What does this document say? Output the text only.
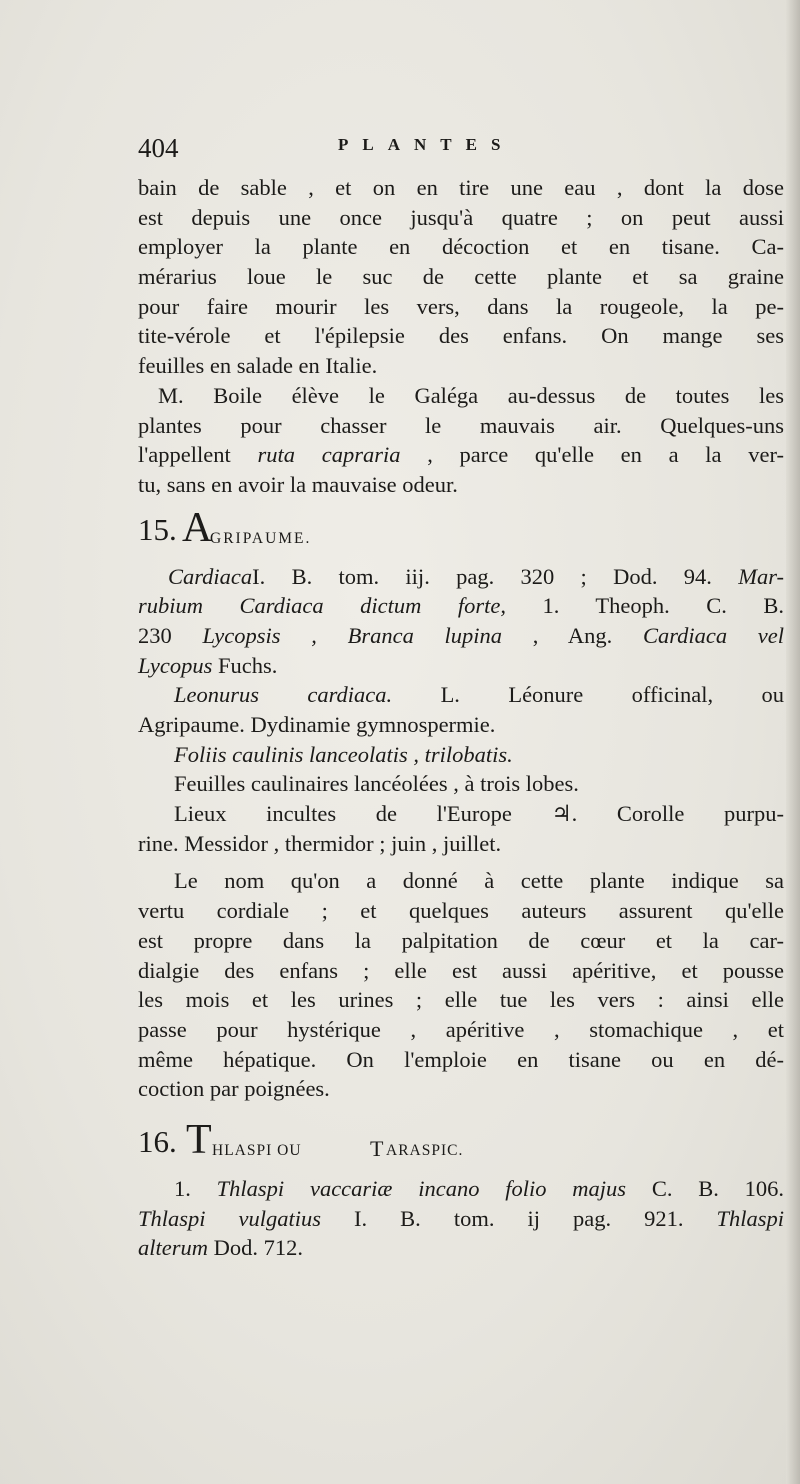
404	PLANTES
bain de sable , et on en tire une eau , dont la dose
est depuis une once jusqu'à quatre ; on peut aussi
employer la plante en décoction et en tisane. Ca-
mérarius loue le suc de cette plante et sa graine
pour faire mourir les vers, dans la rougeole, la pe-
tite-vérole et l'épilepsie des enfans. On mange ses
feuilles en salade en Italie.
M. Boile élève le Galéga au-dessus de toutes les
plantes pour chasser le mauvais air. Quelques-uns
l'appellent ruta capraria , parce qu'elle en a la ver-
tu, sans en avoir la mauvaise odeur.
15. A
GRIPAUME.
CardiacaI. B. tom. iij. pag. 320 ; Dod. 94. Mar-
rubium Cardiaca dictum forte, 1. Theoph. C. B.
230 Lycopsis , Branca lupina , Ang. Cardiaca vel
Lycopus Fuchs.
Leonurus cardiaca. L. Léonure officinal, ou
Agripaume. Dydinamie gymnospermie.
Foliis caulinis lanceolatis , trilobatis.
Feuilles caulinaires lancéolées , à trois lobes.
Lieux incultes de l'Europe ♃. Corolle purpu-
rine. Messidor , thermidor ; juin , juillet.
Le nom qu'on a donné à cette plante indique sa
vertu cordiale ; et quelques auteurs assurent qu'elle
est propre dans la palpitation de cœur et la car-
dialgie des enfans ; elle est aussi apéritive, et pousse
les mois et les urines ; elle tue les vers : ainsi elle
passe pour hystérique , apéritive , stomachique , et
même hépatique. On l'emploie en tisane ou en dé-
coction par poignées.
16. T HLASPI OU	T ARASPIC.
1. Thlaspi vaccariæ incano folio majus C. B. 106.
Thlaspi vulgatius I. B. tom. ij pag. 921. Thlaspi
alterum Dod. 712.
